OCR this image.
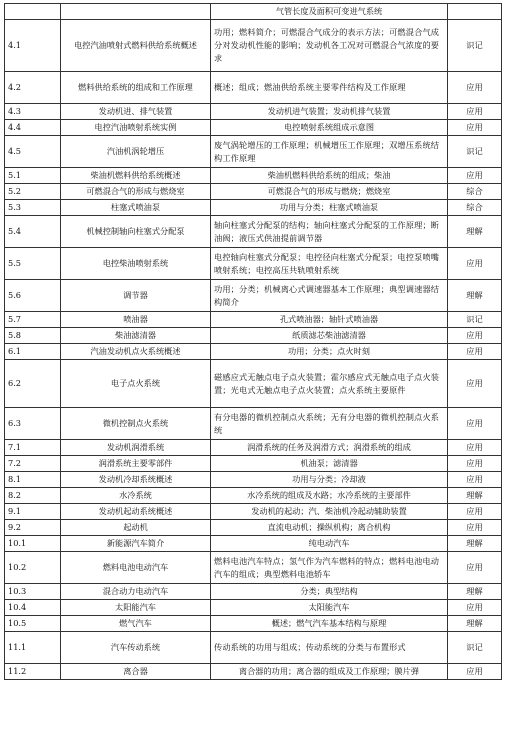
		气管长度及面积可变进气系统	
4.1	电控汽油喷射式燃料供给系统概述	功用；燃料简介；可燃混合气成分的表示方法；可燃混合气成分对发动机性能的影响；发动机各工况对可燃混合气浓度的要求	识记
4.2	燃料供给系统的组成和工作原理	概述；组成；燃油供给系统主要零件结构及工作原理	应用
4.3	发动机进、排气装置	发动机进气装置；发动机排气装置	应用
4.4	电控汽油喷射系统实例	电控喷射系统组成示意图	应用
4.5	汽油机涡轮增压	废气涡轮增压的工作原理；机械增压工作原理；双增压系统结构工作原理	识记
5.1	柴油机燃料供给系统概述	柴油机燃料供给系统的组成；柴油	应用
5.2	可燃混合气的形成与燃烧室	可燃混合气的形成与燃烧；燃烧室	综合
5.3	柱塞式喷油泵	功用与分类；柱塞式喷油泵	综合
5.4	机械控制轴向柱塞式分配泵	轴向柱塞式分配泵的结构；轴向柱塞式分配泵的工作原理；断油阀；液压式供油提前调节器	理解
5.5	电控柴油喷射系统	电控轴向柱塞式分配泵；电控径向柱塞式分配泵；电控泵喷嘴喷射系统；电控高压共轨喷射系统	应用
5.6	调节器	功用；分类；机械离心式调速器基本工作原理；典型调速器结构简介	理解
5.7	喷油器	孔式喷油器；轴针式喷油器	识记
5.8	柴油滤清器	纸质滤芯柴油滤清器	应用
6.1	汽油发动机点火系统概述	功用；分类；点火时刻	应用
6.2	电子点火系统	磁感应式无触点电子点火装置；霍尔感应式无触点电子点火装置；光电式无触点电子点火装置；点火系统主要原件	应用
6.3	微机控制点火系统	有分电器的微机控制点火系统；无有分电器的微机控制点火系统	应用
7.1	发动机润滑系统	润滑系统的任务及润滑方式；润滑系统的组成	应用
7.2	润滑系统主要零部件	机油泵；滤清器	应用
8.1	发动机冷却系统概述	功用与分类；冷却液	应用
8.2	水冷系统	水冷系统的组成及水路；水冷系统的主要部件	理解
9.1	发动机起动系统概述	发动机的起动；汽、柴油机冷起动辅助装置	应用
9.2	起动机	直流电动机；操纵机构；离合机构	应用
10.1	新能源汽车简介	纯电动汽车	理解
10.2	燃料电池电动汽车	燃料电池汽车特点；氢气作为汽车燃料的特点；燃料电池电动汽车的组成；典型燃料电池轿车	应用
10.3	混合动力电动汽车	分类；典型结构	理解
10.4	太阳能汽车	太阳能汽车	应用
10.5	燃气汽车	概述；燃气汽车基本结构与原理	理解
11.1	汽车传动系统	传动系统的功用与组成；传动系统的分类与布置形式	识记
11.2	离合器	离合器的功用；离合器的组成及工作原理；膜片弹	应用
